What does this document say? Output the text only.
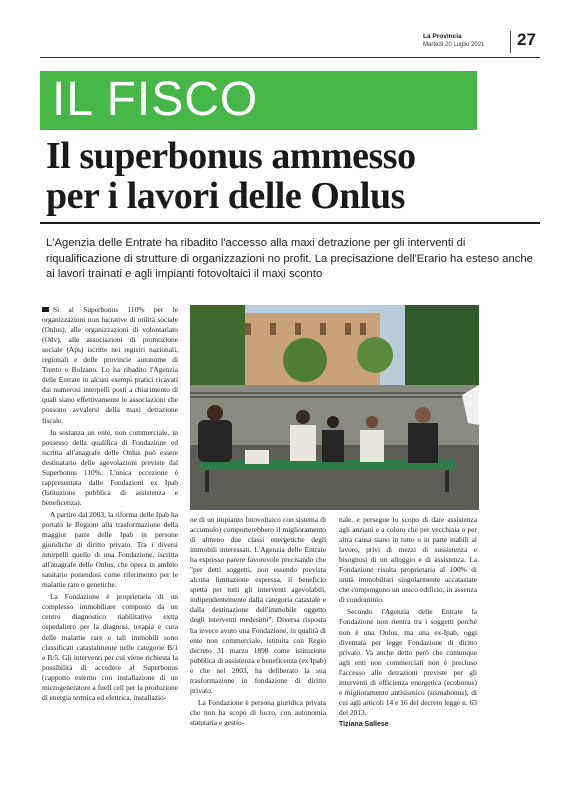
La Provincia
Martedì 20 Luglio 2021	27
IL FISCO
Il superbonus ammesso
per i lavori delle Onlus
L'Agenzia delle Entrate ha ribadito l'accesso alla maxi detrazione per gli interventi di riqualificazione di strutture di organizzazioni no profit. La precisazione dell'Erario ha esteso anche ai lavori trainati e agli impianti fotovoltaici il maxi sconto

Sì al Superbonus 110% per le organizzazioni non lucrative di utilità sociale (Onlus), alle organizzazioni di volontariato (Odv), alle associazioni di promozione sociale (Aps) iscritte nei registri nazionali, regionali e delle provincie autonome di Trento e Bolzano. Lo ha ribadito l'Agenzia delle Entrate in alcuni esempi pratici ricavati dai numerosi interpelli posti a chiarimento di quali siano effettivamente le associazioni che possono avvalersi della maxi detrazione fiscale.

In sostanza un ente, non commerciale, in possesso della qualifica di Fondazione ed iscritta all'anagrafe delle Onlus può essere destinatario delle agevolazioni previste dal Superbonus 110%. L'unica eccezione è rappresentata dalle Fondazioni ex Ipab (Istituzione pubblica di assistenza e beneficenza).

A partire dal 2003, la riforma delle Ipab ha portato le Regioni alla trasformazione della maggior parte delle Ipab in persone giuridiche di diritto privato. Tra i diversi interpelli quello di una Fondazione, iscritta all'anagrafe delle Onlus, che opera in ambito sanitario ponendosi come riferimento per le malattie rare o genetiche.

La Fondazione è proprietaria di un complesso immobiliare composto da un centro diagnostico riabilitativo extra ospedaliero per la diagnosi, terapia e cura delle malattie rare e tali immobili sono classificati catastalmente nelle categorie B/1 e B/5. Gli interventi per cui viene richiesta la possibilità di accedere al Superbonus (cappotto esterno con installazione di un microgeneratore a fuell cell per la produzione di energia termica ed elettrica, installazio-

ne di un impianto fotovoltaico con sistema di accumulo) comporterebbero il miglioramento di almeno due classi energetiche degli immobili interessati. L'Agenzia delle Entrate ha espresso parere favorevole precisando che "per detti soggetti, non essendo prevista alcuna limitazione espressa, il beneficio spetta per tutti gli interventi agevolabili, indipendentemente dalla categoria catastale e dalla destinazione dell'immobile oggetto degli interventi medesimi". Diversa risposta ha invece avuto una Fondazione, in qualità di ente non commerciale, istituita con Regio decreto 31 marzo 1898 come istituzione pubblica di assistenza e beneficenza (ex Ipab) e che nel 2003, ha deliberato la sua trasformazione in fondazione di diritto privato.

La Fondazione è persona giuridica privata che non ha scopo di lucro, con autonomia statutaria e gestio-

nale, e persegue lo scopo di dare assistenza agli anziani e a coloro che per vecchiaia o per altra causa siano in tutto o in parte inabili al lavoro, privi di mezzi di sussistenza e bisognosi di un alloggio e di assistenza. La Fondazione risulta proprietaria al 100% di unità immobiliari singolarmente accatastate che compongono un unico edificio, in assenza di condominio.

Secondo l'Agenzia delle Entrate la Fondazione non rientra tra i soggetti perché non è una Onlus, ma una ex-Ipab, oggi diventata per legge Fondazione di diritto privato. Va anche detto però che comunque agli enti non commerciali non è precluso l'accesso alle detrazioni previste per gli interventi di efficienza energetica (ecobonus) e miglioramento antisismico (sismabonus), di cui agli articoli 14 e 16 del decreto legge n. 63 del 2013.

Tiziana Sallese
